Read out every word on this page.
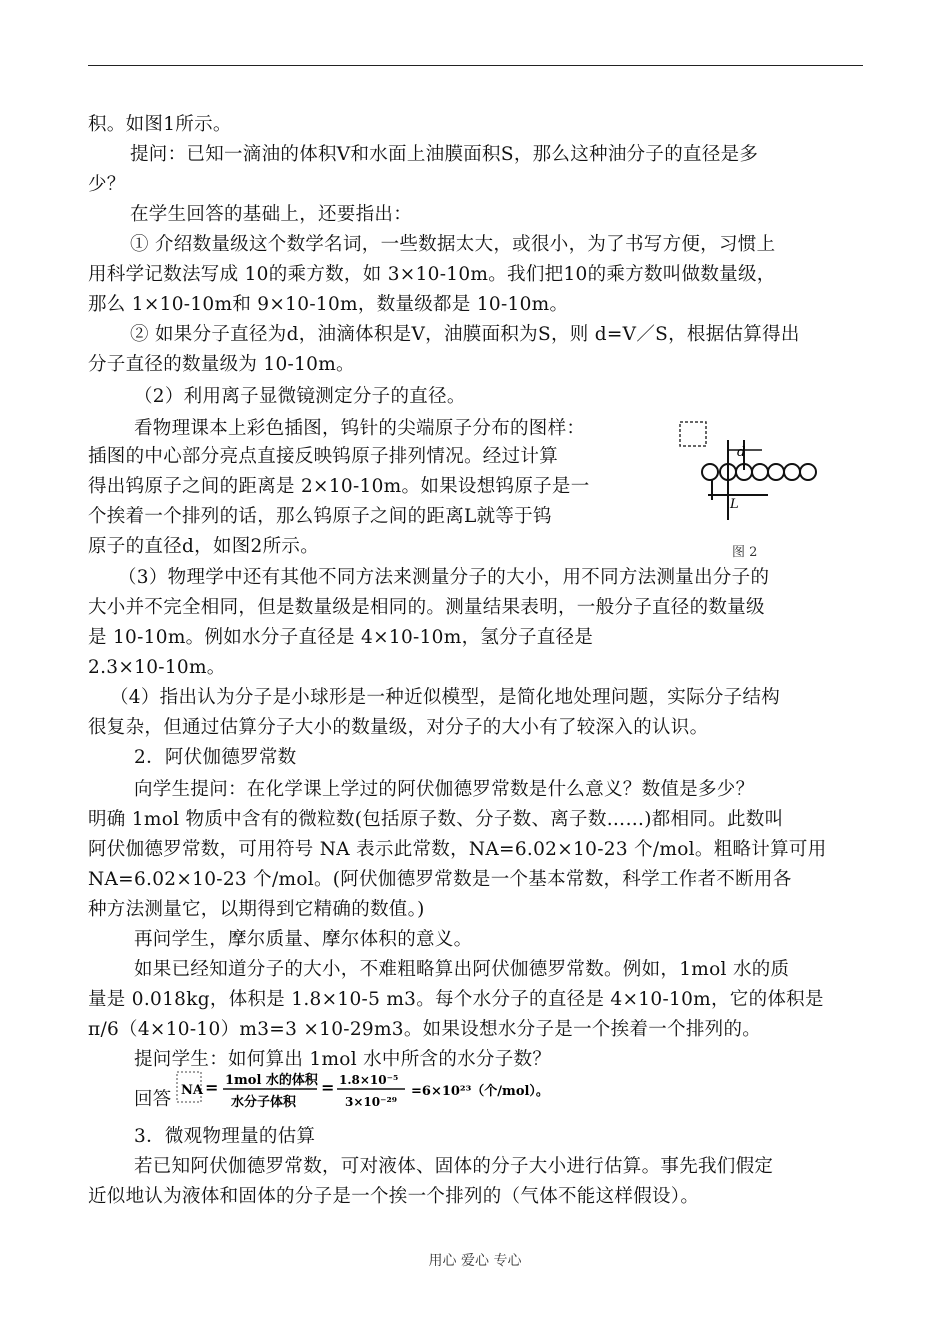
积。如图1所示。
提问：已知一滴油的体积V和水面上油膜面积S，那么这种油分子的直径是多
少？
在学生回答的基础上，还要指出：
① 介绍数量级这个数学名词，一些数据太大，或很小，为了书写方便，习惯上
用科学记数法写成 10的乘方数，如 3×10-10m。我们把10的乘方数叫做数量级，
那么 1×10-10m和 9×10-10m，数量级都是 10-10m。
② 如果分子直径为d，油滴体积是V，油膜面积为S，则 d=V／S，根据估算得出
分子直径的数量级为 10-10m。
（2）利用离子显微镜测定分子的直径。
看物理课本上彩色插图，钨针的尖端原子分布的图样：
插图的中心部分亮点直接反映钨原子排列情况。经过计算
得出钨原子之间的距离是 2×10-10m。如果设想钨原子是一
个挨着一个排列的话，那么钨原子之间的距离L就等于钨
原子的直径d，如图2所示。
（3）物理学中还有其他不同方法来测量分子的大小，用不同方法测量出分子的
大小并不完全相同，但是数量级是相同的。测量结果表明，一般分子直径的数量级
是 10-10m。例如水分子直径是 4×10-10m，氢分子直径是
2.3×10-10m。
（4）指出认为分子是小球形是一种近似模型，是简化地处理问题，实际分子结构
很复杂，但通过估算分子大小的数量级，对分子的大小有了较深入的认识。
2．阿伏伽德罗常数
向学生提问：在化学课上学过的阿伏伽德罗常数是什么意义？数值是多少？
明确 1mol 物质中含有的微粒数(包括原子数、分子数、离子数……)都相同。此数叫
阿伏伽德罗常数，可用符号 NA 表示此常数，NA=6.02×10-23 个/mol。粗略计算可用
NA=6.02×10-23 个/mol。(阿伏伽德罗常数是一个基本常数，科学工作者不断用各
种方法测量它，以期得到它精确的数值。)
再问学生，摩尔质量、摩尔体积的意义。
如果已经知道分子的大小，不难粗略算出阿伏伽德罗常数。例如，1mol 水的质
量是 0.018kg，体积是 1.8×10-5 m3。每个水分子的直径是 4×10-10m，它的体积是
π/6（4×10-10）m3=3 ×10-29m3。如果设想水分子是一个挨着一个排列的。
提问学生：如何算出 1mol 水中所含的水分子数？
回答
3．微观物理量的估算
若已知阿伏伽德罗常数，可对液体、固体的分子大小进行估算。事先我们假定
近似地认为液体和固体的分子是一个挨一个排列的（气体不能这样假设）。
d
L
图 2
NA = 1mol 水的体积
水分子体积
= 1.8×10⁻⁵
3×10⁻²⁹
=6×10²³（个/mol）。
用心 爱心 专心
